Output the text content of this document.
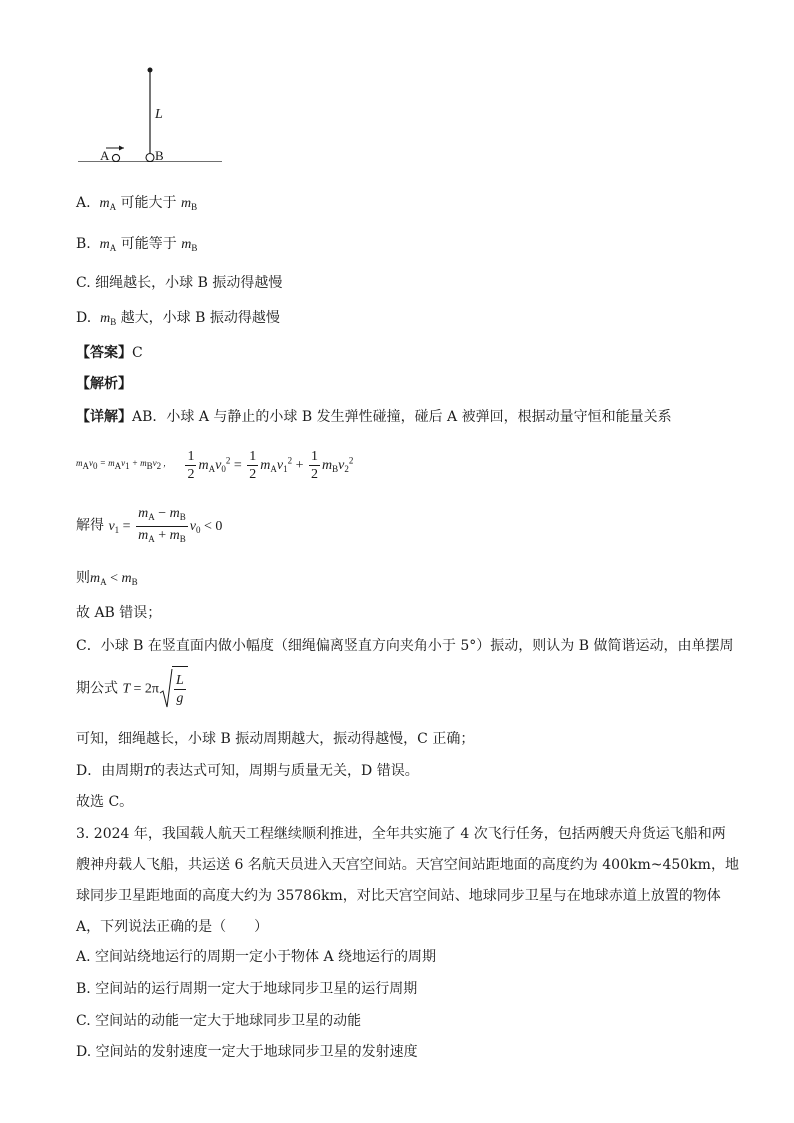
L
A	B
A. $m_A$ 可能大于 $m_B$
B. $m_A$ 可能等于 $m_B$
C. 细绳越长，小球 B 振动得越慢
D. $m_B$ 越大，小球 B 振动得越慢
【答案】C
【解析】
【详解】AB．小球 A 与静止的小球 B 发生弹性碰撞，碰后 A 被弹回，根据动量守恒和能量关系
$m_Av_0 = m_Av_1 + m_Bv_2$ , $\frac{1}{2} m_Av_0^2 = \frac{1}{2} m_Av_1^2 + \frac{1}{2} m_Bv_2^2$
解得 $v_1 = \frac{m_A - m_B}{m_A + m_B} v_0 < 0$
则$m_A < m_B$
故 AB 错误；
C．小球 B 在竖直面内做小幅度（细绳偏离竖直方向夹角小于 5°）振动，则认为 B 做简谐运动，由单摆周
期公式 $T = 2\pi \frac{L}{g}$
可知，细绳越长，小球 B 振动周期越大，振动得越慢，C 正确；
D．由周期T的表达式可知，周期与质量无关，D 错误。
故选 C。
3. 2024 年，我国载人航天工程继续顺利推进，全年共实施了 4 次飞行任务，包括两艘天舟货运飞船和两
艘神舟载人飞船，共运送 6 名航天员进入天宫空间站。天宫空间站距地面的高度约为 400km~450km，地
球同步卫星距地面的高度大约为 35786km，对比天宫空间站、地球同步卫星与在地球赤道上放置的物体
A，下列说法正确的是（　　）
A. 空间站绕地运行的周期一定小于物体 A 绕地运行的周期
B. 空间站的运行周期一定大于地球同步卫星的运行周期
C. 空间站的动能一定大于地球同步卫星的动能
D. 空间站的发射速度一定大于地球同步卫星的发射速度
